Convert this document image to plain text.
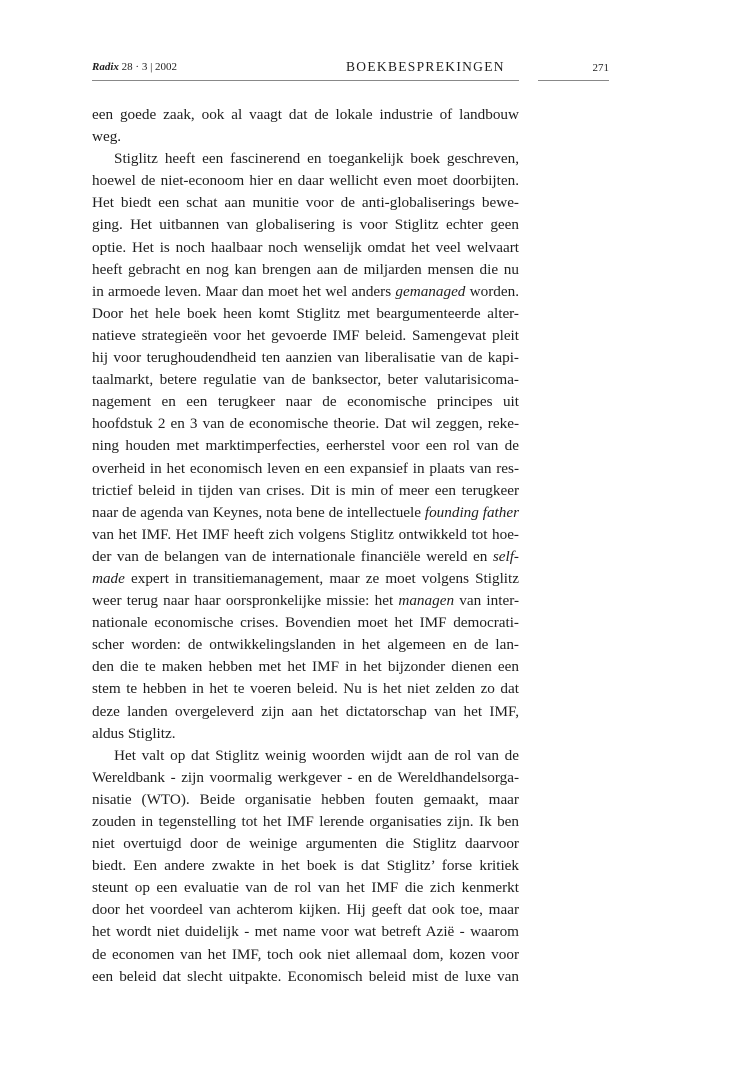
Radix 28 · 3 | 2002	BOEKBESPREKINGEN	271
een goede zaak, ook al vaagt dat de lokale industrie of landbouw
weg.
Stiglitz heeft een fascinerend en toegankelijk boek geschreven,
hoewel de niet-econoom hier en daar wellicht even moet doorbijten.
Het biedt een schat aan munitie voor de anti-globaliserings bewe-
ging. Het uitbannen van globalisering is voor Stiglitz echter geen
optie. Het is noch haalbaar noch wenselijk omdat het veel welvaart
heeft gebracht en nog kan brengen aan de miljarden mensen die nu
in armoede leven. Maar dan moet het wel anders gemanaged worden.
Door het hele boek heen komt Stiglitz met beargumenteerde alter-
natieve strategieën voor het gevoerde IMF beleid. Samengevat pleit
hij voor terughoudendheid ten aanzien van liberalisatie van de kapi-
taalmarkt, betere regulatie van de banksector, beter valutarisicoma-
nagement en een terugkeer naar de economische principes uit
hoofdstuk 2 en 3 van de economische theorie. Dat wil zeggen, reke-
ning houden met marktimperfecties, eerherstel voor een rol van de
overheid in het economisch leven en een expansief in plaats van res-
trictief beleid in tijden van crises. Dit is min of meer een terugkeer
naar de agenda van Keynes, nota bene de intellectuele founding father
van het IMF. Het IMF heeft zich volgens Stiglitz ontwikkeld tot hoe-
der van de belangen van de internationale financiële wereld en self-
made expert in transitiemanagement, maar ze moet volgens Stiglitz
weer terug naar haar oorspronkelijke missie: het managen van inter-
nationale economische crises. Bovendien moet het IMF democrati-
scher worden: de ontwikkelingslanden in het algemeen en de lan-
den die te maken hebben met het IMF in het bijzonder dienen een
stem te hebben in het te voeren beleid. Nu is het niet zelden zo dat
deze landen overgeleverd zijn aan het dictatorschap van het IMF,
aldus Stiglitz.
Het valt op dat Stiglitz weinig woorden wijdt aan de rol van de
Wereldbank - zijn voormalig werkgever - en de Wereldhandelsorga-
nisatie (WTO). Beide organisatie hebben fouten gemaakt, maar
zouden in tegenstelling tot het IMF lerende organisaties zijn. Ik ben
niet overtuigd door de weinige argumenten die Stiglitz daarvoor
biedt. Een andere zwakte in het boek is dat Stiglitz’ forse kritiek
steunt op een evaluatie van de rol van het IMF die zich kenmerkt
door het voordeel van achterom kijken. Hij geeft dat ook toe, maar
het wordt niet duidelijk - met name voor wat betreft Azië - waarom
de economen van het IMF, toch ook niet allemaal dom, kozen voor
een beleid dat slecht uitpakte. Economisch beleid mist de luxe van
